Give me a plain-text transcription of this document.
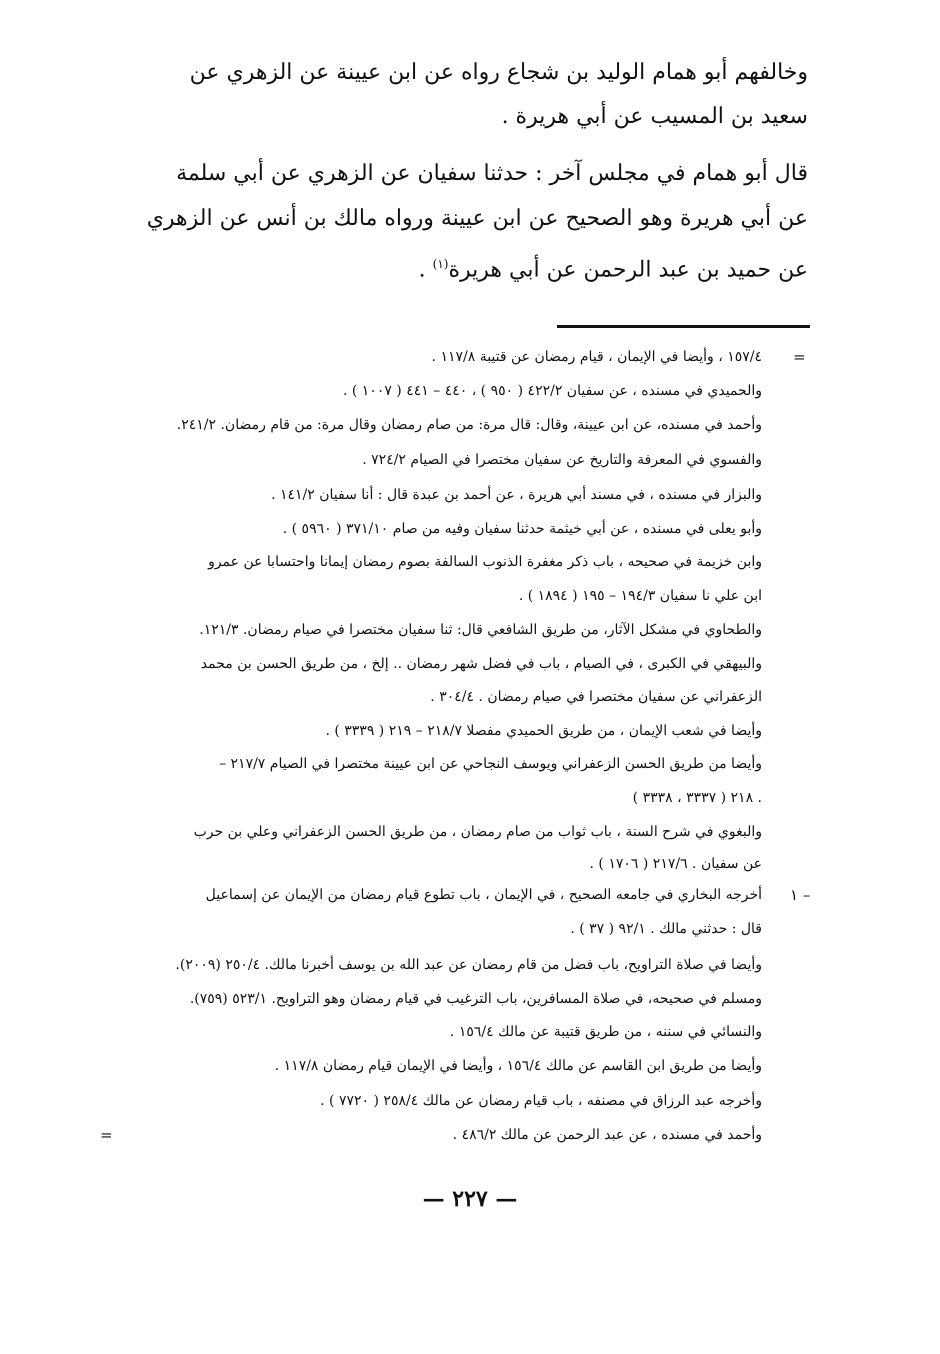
وخالفهم أبو همام الوليد بن شجاع رواه عن ابن عيينة عن الزهري عن
سعيد بن المسيب عن أبي هريرة .
قال أبو همام في مجلس آخر : حدثنا سفيان عن الزهري عن أبي سلمة
عن أبي هريرة وهو الصحيح عن ابن عيينة ورواه مالك بن أنس عن الزهري
عن حميد بن عبد الرحمن عن أبي هريرة$^{(١)}$ .
=
١ –
=
١٥٧/٤ ، وأيضا في الإيمان ، قيام رمضان عن قتيبة ١١٧/٨ .
والحميدي في مسنده ، عن سفيان ٤٢٢/٢ ( ٩٥٠ ) ، ٤٤٠ – ٤٤١ ( ١٠٠٧ ) .
وأحمد في مسنده، عن ابن عيينة، وقال: قال مرة: من صام رمضان وقال مرة: من قام رمضان. ٢٤١/٢.
والفسوي في المعرفة والتاريخ عن سفيان مختصرا في الصيام ٧٢٤/٢ .
والبزار في مسنده ، في مسند أبي هريرة ، عن أحمد بن عبدة قال : أنا سفيان ١٤١/٢ .
وأبو يعلى في مسنده ، عن أبي خيثمة حدثنا سفيان وفيه من صام ٣٧١/١٠ ( ٥٩٦٠ ) .
وابن خزيمة في صحيحه ، باب ذكر مغفرة الذنوب السالفة بصوم رمضان إيمانا واحتسابا عن عمرو
ابن علي نا سفيان ١٩٤/٣ – ١٩٥ ( ١٨٩٤ ) .
والطحاوي في مشكل الآثار، من طريق الشافعي قال: ثنا سفيان مختصرا في صيام رمضان. ١٢١/٣.
والبيهقي في الكبرى ، في الصيام ، باب في فضل شهر رمضان .. إلخ ، من طريق الحسن بن محمد
الزعفراني عن سفيان مختصرا في صيام رمضان . ٣٠٤/٤ .
وأيضا في شعب الإيمان ، من طريق الحميدي مفصلا ٢١٨/٧ – ٢١٩ ( ٣٣٣٩ ) .
وأيضا من طريق الحسن الزعفراني ويوسف النجاحي عن ابن عيينة مختصرا في الصيام ٢١٧/٧ –
٢١٨ ( ٣٣٣٧ ، ٣٣٣٨ ) .
والبغوي في شرح السنة ، باب ثواب من صام رمضان ، من طريق الحسن الزعفراني وعلي بن حرب
عن سفيان . ٢١٧/٦ ( ١٧٠٦ ) .
أخرجه البخاري في جامعه الصحيح ، في الإيمان ، باب تطوع قيام رمضان من الإيمان عن إسماعيل
قال : حدثني مالك . ٩٢/١ ( ٣٧ ) .
وأيضا في صلاة التراويح، باب فضل من قام رمضان عن عبد الله بن يوسف أخبرنا مالك. ٢٥٠/٤ (٢٠٠٩).
ومسلم في صحيحه، في صلاة المسافرين، باب الترغيب في قيام رمضان وهو التراويح. ٥٢٣/١ (٧٥٩).
والنسائي في سننه ، من طريق قتيبة عن مالك ١٥٦/٤ .
وأيضا من طريق ابن القاسم عن مالك ١٥٦/٤ ، وأيضا في الإيمان قيام رمضان ١١٧/٨ .
وأخرجه عبد الرزاق في مصنفه ، باب قيام رمضان عن مالك ٢٥٨/٤ ( ٧٧٢٠ ) .
وأحمد في مسنده ، عن عبد الرحمن عن مالك ٤٨٦/٢ .
— ٢٢٧ —
